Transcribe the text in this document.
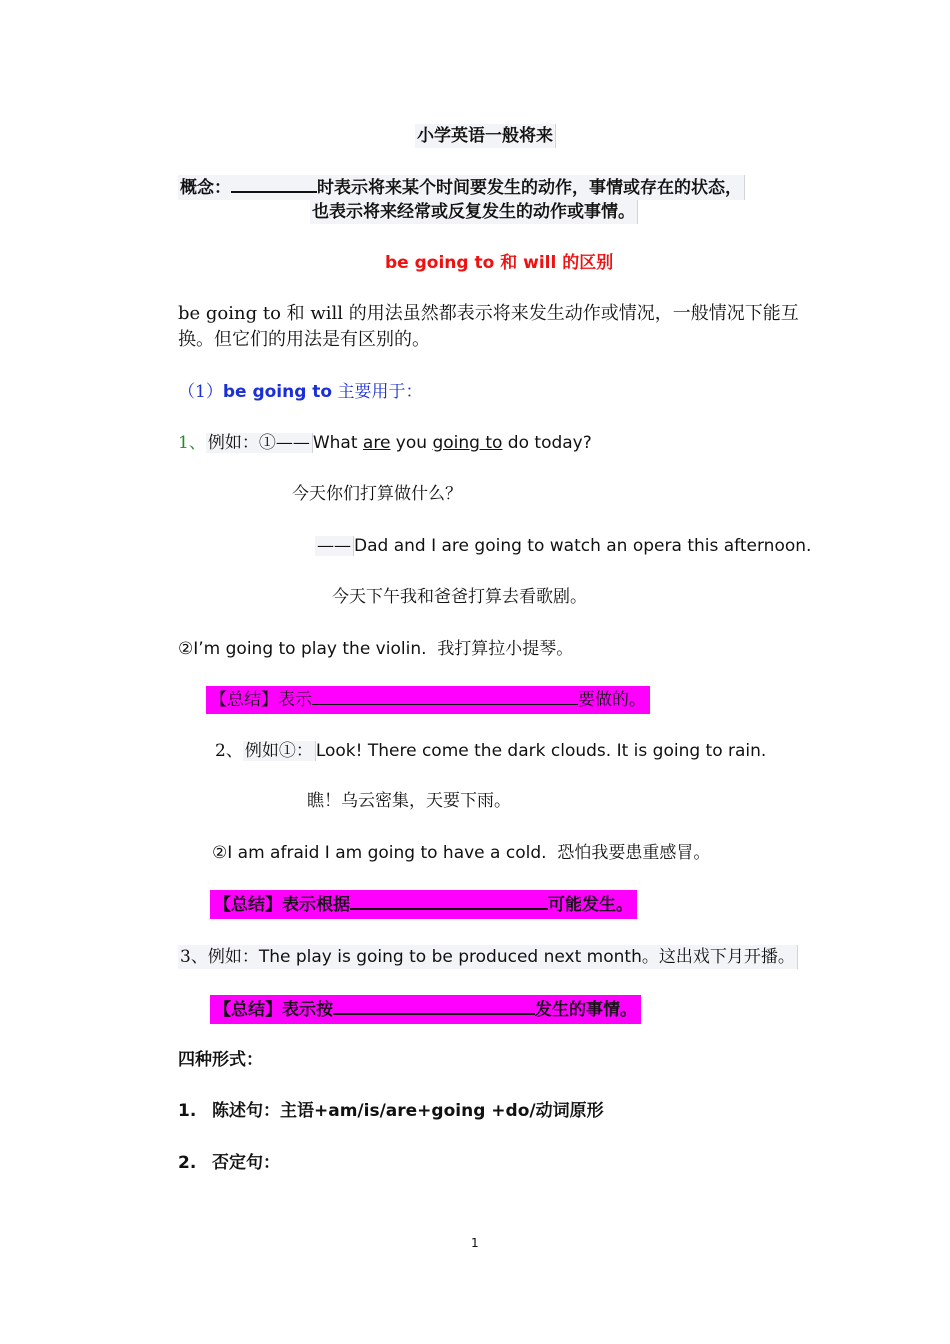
小学英语一般将来
概念：	时表示将来某个时间要发生的动作，事情或存在的状态，
也表示将来经常或反复发生的动作或事情。
be going to 和 will 的区别
be going to 和 will 的用法虽然都表示将来发生动作或情况，一般情况下能互
换。但它们的用法是有区别的。
（1）be going to 主要用于：
1、 例如：①—— What are you going to do today?
今天你们打算做什么？
—— Dad and I are going to watch an opera this afternoon.
今天下午我和爸爸打算去看歌剧。
②I’m going to play the violin. 我打算拉小提琴。
【总结】表示	要做的。
2、 例如①： Look! There come the dark clouds. It is going to rain.
瞧！乌云密集，天要下雨。
②I am afraid I am going to have a cold. 恐怕我要患重感冒。
【总结】表示根据	可能发生。
3、例如：The play is going to be produced next month。这出戏下月开播。
【总结】表示按	发生的事情。
四种形式：
1. 陈述句：主语+am/is/are+going +do/动词原形
2. 否定句：
1
